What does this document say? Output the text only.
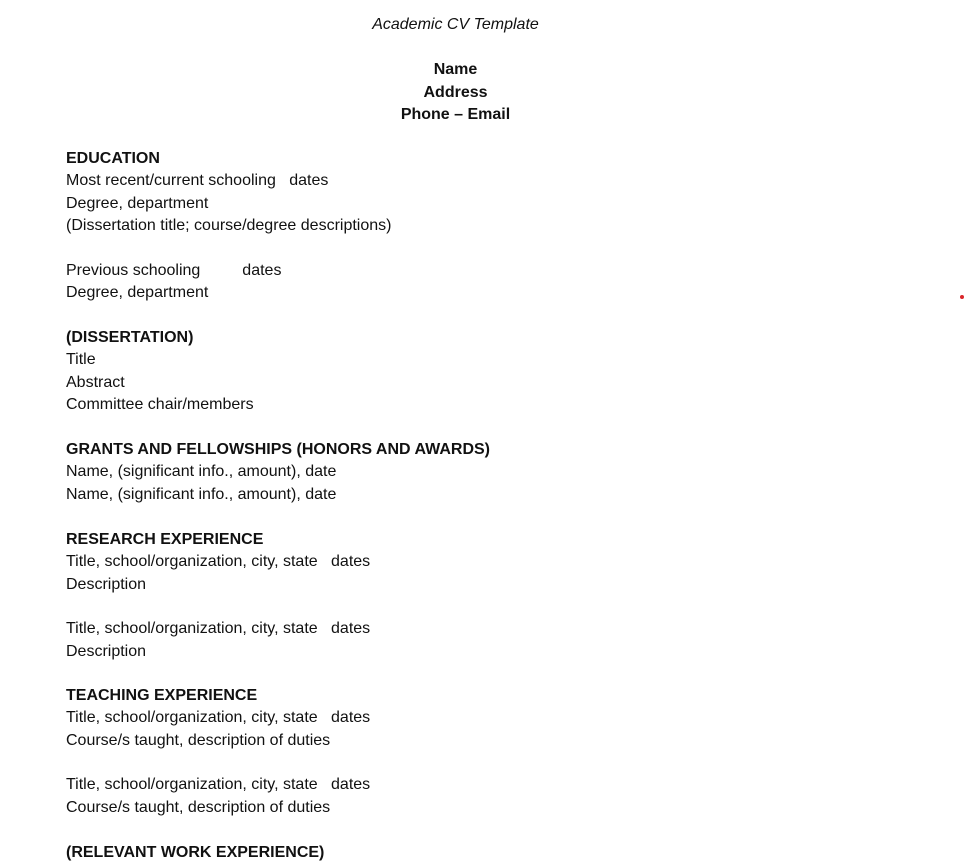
Academic CV Template
Name
Address
Phone – Email
EDUCATION
Most recent/current schooling dates
Degree, department
(Dissertation title; course/degree descriptions)
Previous schooling	dates
Degree, department
(DISSERTATION)
Title
Abstract
Committee chair/members
GRANTS AND FELLOWSHIPS (HONORS AND AWARDS)
Name, (significant info., amount), date
Name, (significant info., amount), date
RESEARCH EXPERIENCE
Title, school/organization, city, state dates
Description
Title, school/organization, city, state dates
Description
TEACHING EXPERIENCE
Title, school/organization, city, state dates
Course/s taught, description of duties
Title, school/organization, city, state dates
Course/s taught, description of duties
(RELEVANT WORK EXPERIENCE)
